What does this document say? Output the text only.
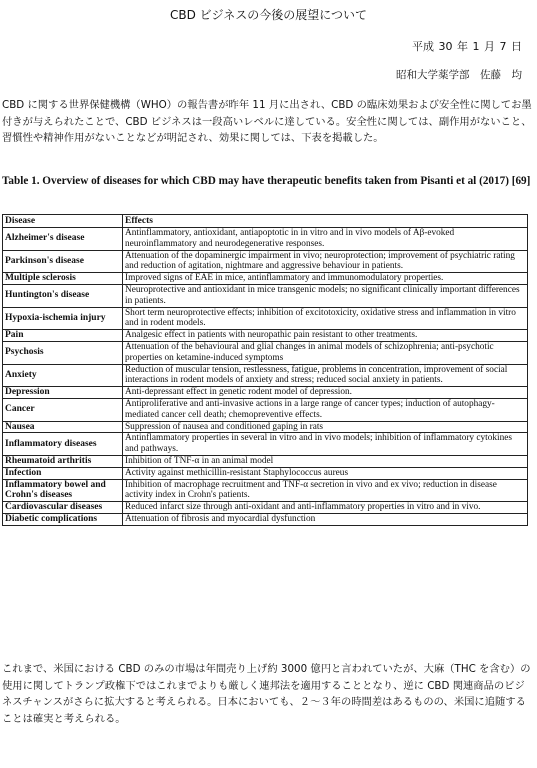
CBD ビジネスの今後の展望について
平成 30 年 1 月 7 日
昭和大学薬学部　佐藤　均

CBD に関する世界保健機構（WHO）の報告書が昨年 11 月に出され、CBD の臨床効果および安全性に関してお墨付きが与えられたことで、CBD ビジネスは一段高いレベルに達している。安全性に関しては、副作用がないこと、習慣性や精神作用がないことなどが明記され、効果に関しては、下表を掲載した。

Table 1. Overview of diseases for which CBD may have therapeutic benefits taken from Pisanti et al (2017) [69]

Disease	Effects
Alzheimer's disease	Antinflammatory, antioxidant, antiapoptotic in in vitro and in vivo models of Aβ-evoked neuroinflammatory and neurodegenerative responses.
Parkinson's disease	Attenuation of the dopaminergic impairment in vivo; neuroprotection; improvement of psychiatric rating and reduction of agitation, nightmare and aggressive behaviour in patients.
Multiple sclerosis	Improved signs of EAE in mice, antinflammatory and immunomodulatory properties.
Huntington's disease	Neuroprotective and antioxidant in mice transgenic models; no significant clinically important differences in patients.
Hypoxia-ischemia injury	Short term neuroprotective effects; inhibition of excitotoxicity, oxidative stress and inflammation in vitro and in rodent models.
Pain	Analgesic effect in patients with neuropathic pain resistant to other treatments.
Psychosis	Attenuation of the behavioural and glial changes in animal models of schizophrenia; anti-psychotic properties on ketamine-induced symptoms
Anxiety	Reduction of muscular tension, restlessness, fatigue, problems in concentration, improvement of social interactions in rodent models of anxiety and stress; reduced social anxiety in patients.
Depression	Anti-depressant effect in genetic rodent model of depression.
Cancer	Antiproliferative and anti-invasive actions in a large range of cancer types; induction of autophagy-mediated cancer cell death; chemopreventive effects.
Nausea	Suppression of nausea and conditioned gaping in rats
Inflammatory diseases	Antinflammatory properties in several in vitro and in vivo models; inhibition of inflammatory cytokines and pathways.
Rheumatoid arthritis	Inhibition of TNF-α in an animal model
Infection	Activity against methicillin-resistant Staphylococcus aureus
Inflammatory bowel and Crohn's diseases	Inhibition of macrophage recruitment and TNF-α secretion in vivo and ex vivo; reduction in disease activity index in Crohn's patients.
Cardiovascular diseases	Reduced infarct size through anti-oxidant and anti-inflammatory properties in vitro and in vivo.
Diabetic complications	Attenuation of fibrosis and myocardial dysfunction

これまで、米国における CBD のみの市場は年間売り上げ約 3000 億円と言われていたが、大麻（THC を含む）の使用に関してトランプ政権下ではこれまでよりも厳しく連邦法を適用することとなり、逆に CBD 関連商品のビジネスチャンスがさらに拡大すると考えられる。日本においても、２～３年の時間差はあるものの、米国に追随することは確実と考えられる。
